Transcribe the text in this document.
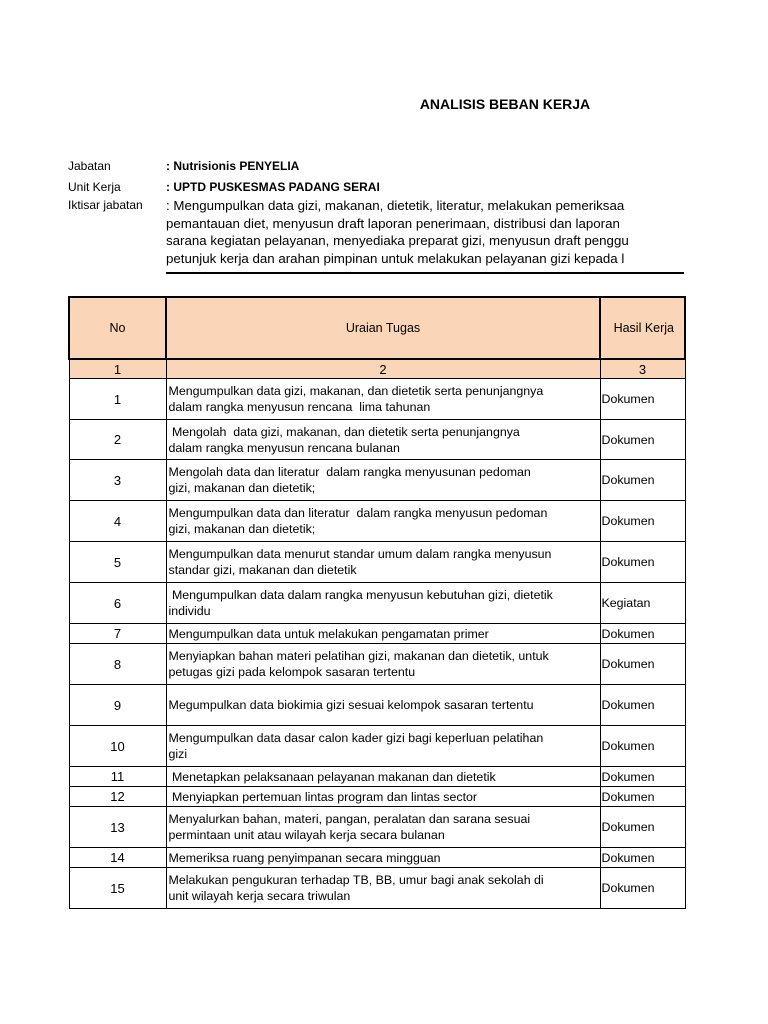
ANALISIS BEBAN KERJA
Jabatan	: Nutrisionis PENYELIA
Unit Kerja	: UPTD PUSKESMAS PADANG SERAI
Iktisar jabatan : Mengumpulkan data gizi, makanan, dietetik, literatur, melakukan pemeriksaa
pemantauan diet, menyusun draft laporan penerimaan, distribusi dan laporan
sarana kegiatan pelayanan, menyediaka preparat gizi, menyusun draft penggu
petunjuk kerja dan arahan pimpinan untuk melakukan pelayanan gizi kepada l
No	Uraian Tugas	Hasil Kerja
1	2	3
1	Mengumpulkan data gizi, makanan, dan dietetik serta penunjangnya
dalam rangka menyusun rencana  lima tahunan	Dokumen
2	Mengolah  data gizi, makanan, dan dietetik serta penunjangnya
dalam rangka menyusun rencana bulanan	Dokumen
3	Mengolah data dan literatur  dalam rangka menyusunan pedoman
gizi, makanan dan dietetik;	Dokumen
4	Mengumpulkan data dan literatur  dalam rangka menyusun pedoman
gizi, makanan dan dietetik;	Dokumen
5	Mengumpulkan data menurut standar umum dalam rangka menyusun
standar gizi, makanan dan dietetik	Dokumen
6	Mengumpulkan data dalam rangka menyusun kebutuhan gizi, dietetik
individu	Kegiatan
7	Mengumpulkan data untuk melakukan pengamatan primer	Dokumen
8	Menyiapkan bahan materi pelatihan gizi, makanan dan dietetik, untuk
petugas gizi pada kelompok sasaran tertentu	Dokumen
9	Megumpulkan data biokimia gizi sesuai kelompok sasaran tertentu	Dokumen
10	Mengumpulkan data dasar calon kader gizi bagi keperluan pelatihan
gizi	Dokumen
11	Menetapkan pelaksanaan pelayanan makanan dan dietetik	Dokumen
12	Menyiapkan pertemuan lintas program dan lintas sector	Dokumen
13	Menyalurkan bahan, materi, pangan, peralatan dan sarana sesuai
permintaan unit atau wilayah kerja secara bulanan	Dokumen
14	Memeriksa ruang penyimpanan secara mingguan	Dokumen
15	Melakukan pengukuran terhadap TB, BB, umur bagi anak sekolah di
unit wilayah kerja secara triwulan	Dokumen
